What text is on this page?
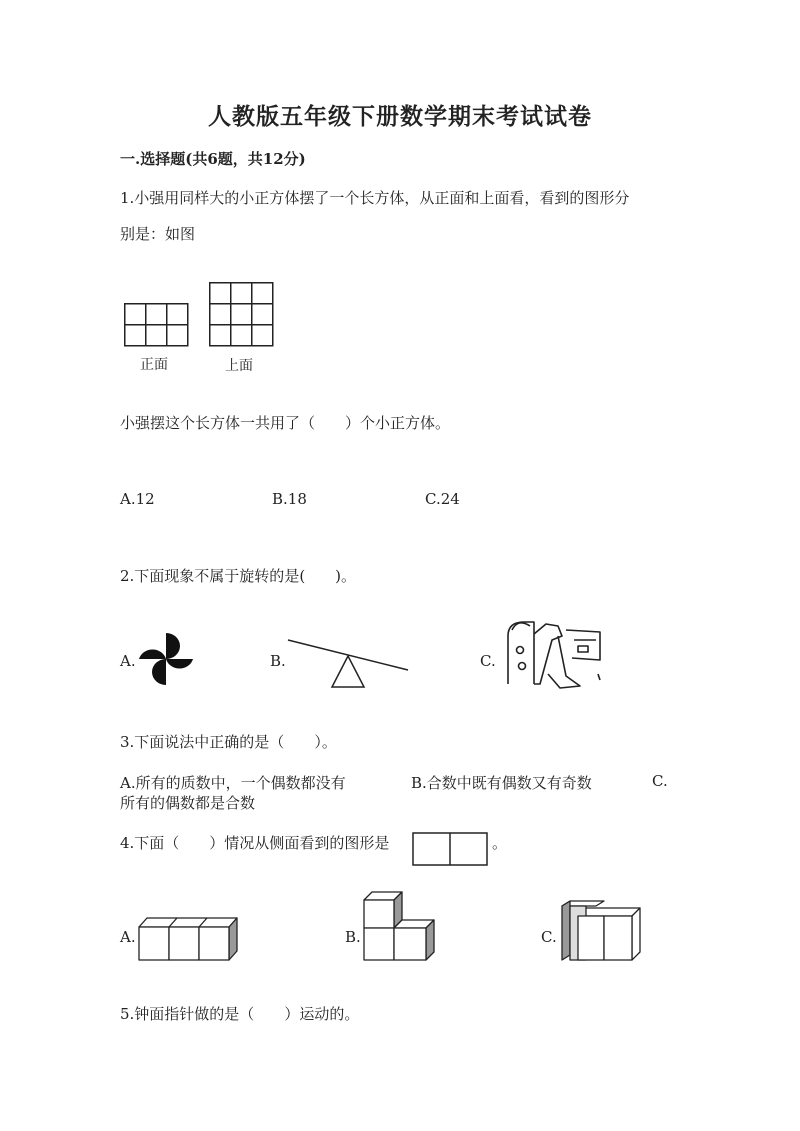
人教版五年级下册数学期末考试试卷
一.选择题(共6题，共12分)
1.小强用同样大的小正方体摆了一个长方体，从正面和上面看，看到的图形分
别是：如图
正面	上面
小强摆这个长方体一共用了（　　）个小正方体。
A.12	B.18	C.24
2.下面现象不属于旋转的是(　　)。
A.	B.	C.
3.下面说法中正确的是（　　）。
A.所有的质数中，一个偶数都没有	B.合数中既有偶数又有奇数	C.
所有的偶数都是合数
4.下面（　　）情况从侧面看到的图形是	。
A.	B.	C.
5.钟面指针做的是（　　）运动的。
